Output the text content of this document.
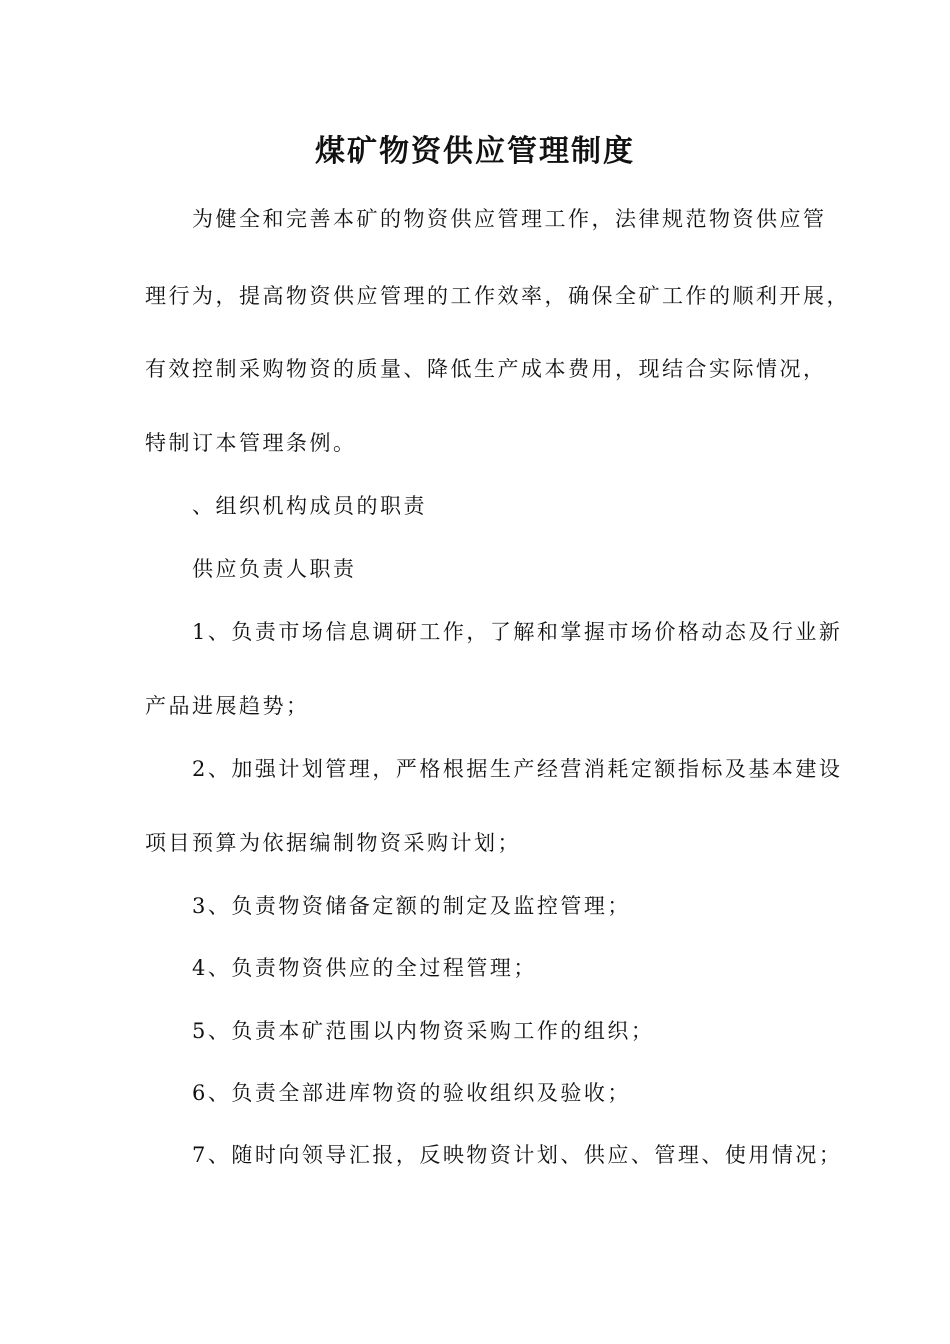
煤矿物资供应管理制度
为健全和完善本矿的物资供应管理工作，法律规范物资供应管
理行为，提高物资供应管理的工作效率，确保全矿工作的顺利开展，
有效控制采购物资的质量、降低生产成本费用，现结合实际情况，
特制订本管理条例。
、组织机构成员的职责
供应负责人职责
1、负责市场信息调研工作，了解和掌握市场价格动态及行业新
产品进展趋势；
2、加强计划管理，严格根据生产经营消耗定额指标及基本建设
项目预算为依据编制物资采购计划；
3、负责物资储备定额的制定及监控管理；
4、负责物资供应的全过程管理；
5、负责本矿范围以内物资采购工作的组织；
6、负责全部进库物资的验收组织及验收；
7、随时向领导汇报，反映物资计划、供应、管理、使用情况；
